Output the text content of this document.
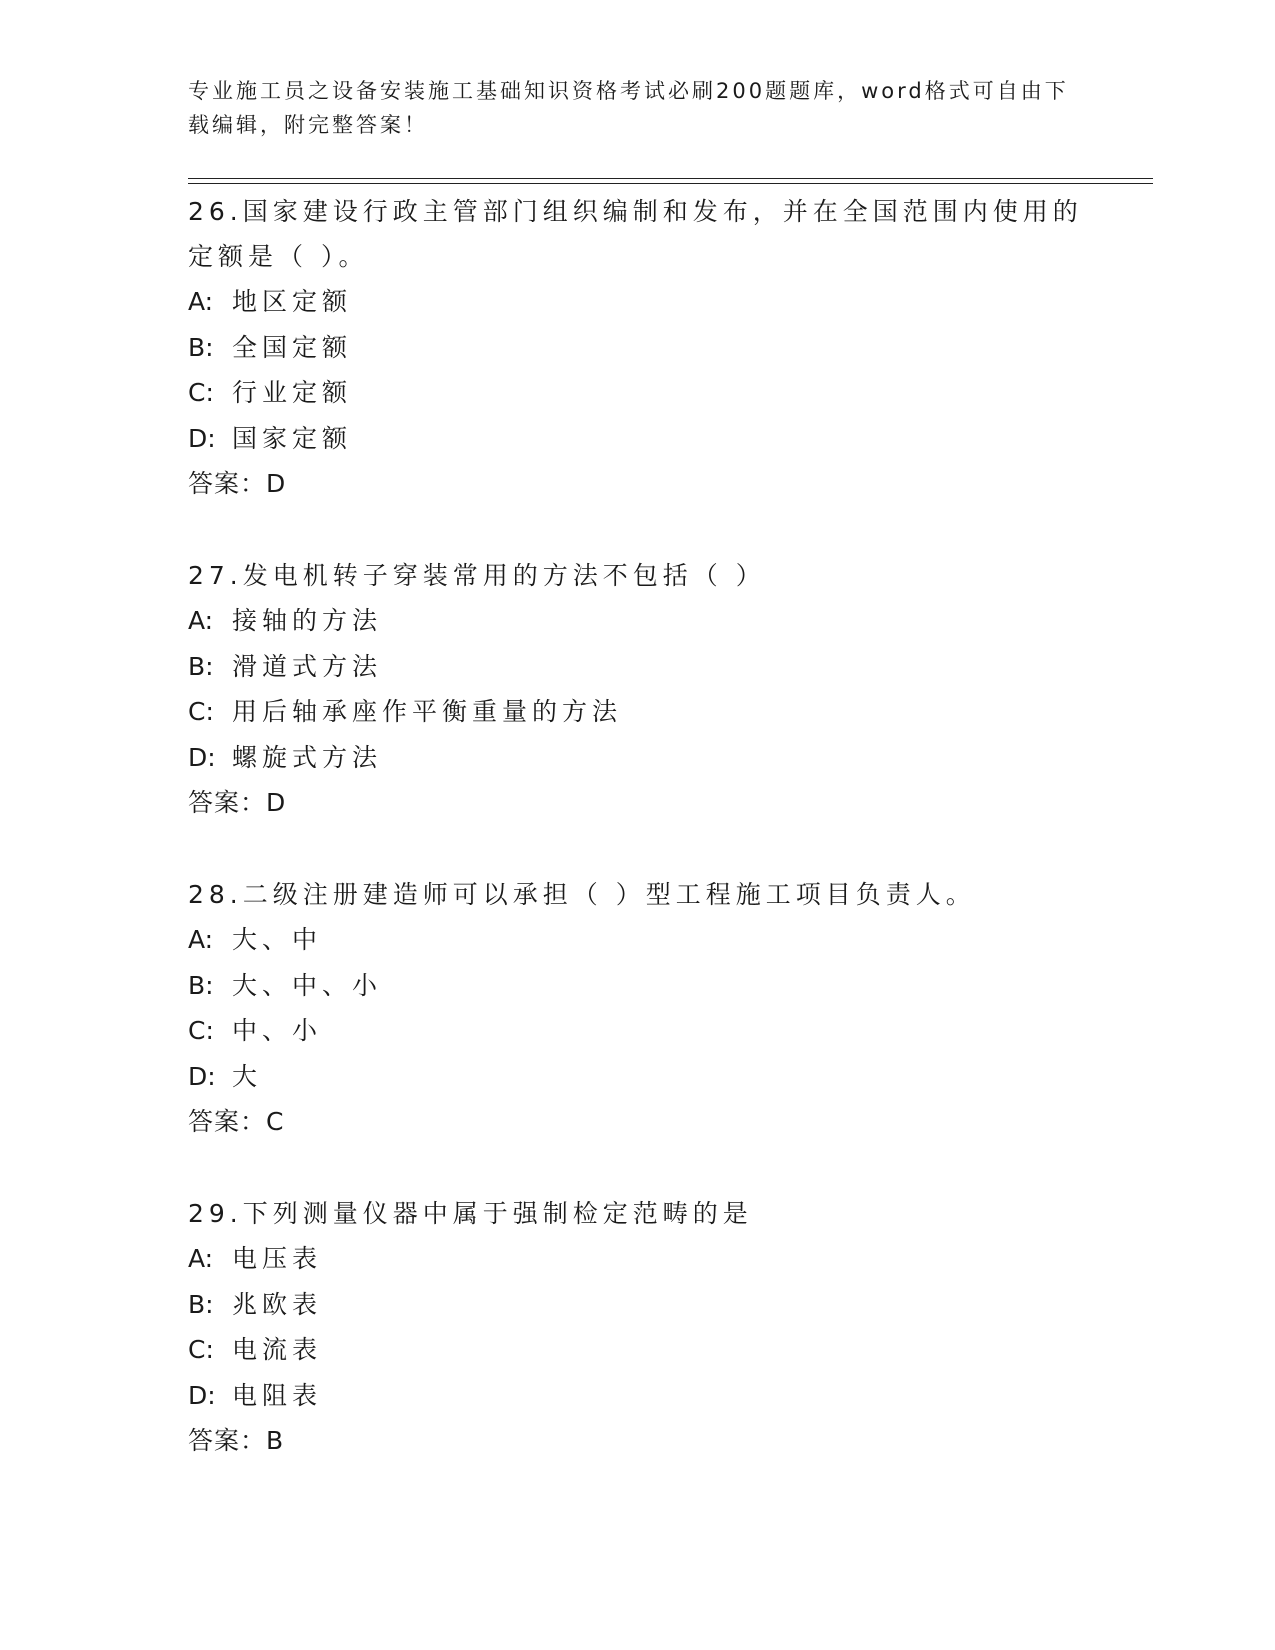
专业施工员之设备安装施工基础知识资格考试必刷200题题库，word格式可自由下载编辑，附完整答案！
26.国家建设行政主管部门组织编制和发布，并在全国范围内使用的定额是（ ）。
A: 地区定额
B: 全国定额
C: 行业定额
D: 国家定额
答案：D
27.发电机转子穿装常用的方法不包括（ ）
A: 接轴的方法
B: 滑道式方法
C: 用后轴承座作平衡重量的方法
D: 螺旋式方法
答案：D
28.二级注册建造师可以承担（ ）型工程施工项目负责人。
A: 大、中
B: 大、中、小
C: 中、小
D: 大
答案：C
29.下列测量仪器中属于强制检定范畴的是
A: 电压表
B: 兆欧表
C: 电流表
D: 电阻表
答案：B
